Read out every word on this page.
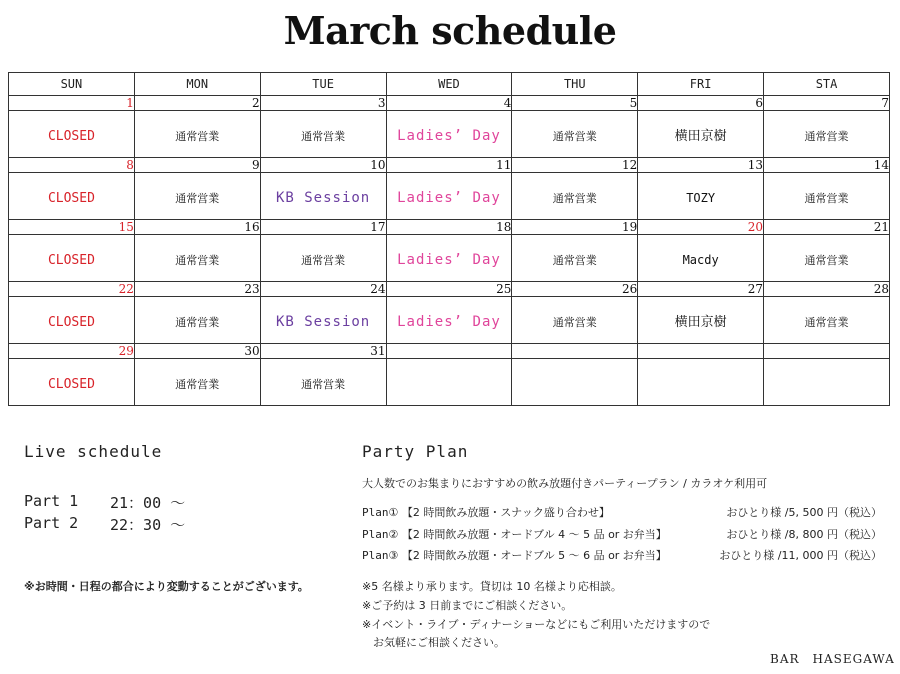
March schedule
SUN	MON	TUE	WED	THU	FRI	STA
1	2	3	4	5	6	7
CLOSED	通常営業	通常営業	Ladies’ Day	通常営業	横田京樹	通常営業
8	9	10	11	12	13	14
CLOSED	通常営業	KB Session	Ladies’ Day	通常営業	TOZY	通常営業
15	16	17	18	19	20	21
CLOSED	通常営業	通常営業	Ladies’ Day	通常営業	Macdy	通常営業
22	23	24	25	26	27	28
CLOSED	通常営業	KB Session	Ladies’ Day	通常営業	横田京樹	通常営業
29	30	31				
CLOSED	通常営業	通常営業				
Live schedule
Part 1 21：00 ～
Part 2 22：30 ～
※お時間・日程の都合により変動することがございます。
Party Plan
大人数でのお集まりにおすすめの飲み放題付きパーティープラン / カラオケ利用可
Plan① 【2 時間飲み放題・スナック盛り合わせ】	おひとり様 /5, 500 円（税込）
Plan② 【2 時間飲み放題・オードブル 4 ～ 5 品 or お弁当】	おひとり様 /8, 800 円（税込）
Plan③ 【2 時間飲み放題・オードブル 5 ～ 6 品 or お弁当】	おひとり様 /11, 000 円（税込）
※5 名様より承ります。貸切は 10 名様より応相談。
※ご予約は 3 日前までにご相談ください。
※イベント・ライブ・ディナーショーなどにもご利用いただけますので
　お気軽にご相談ください。
BAR　HASEGAWA
